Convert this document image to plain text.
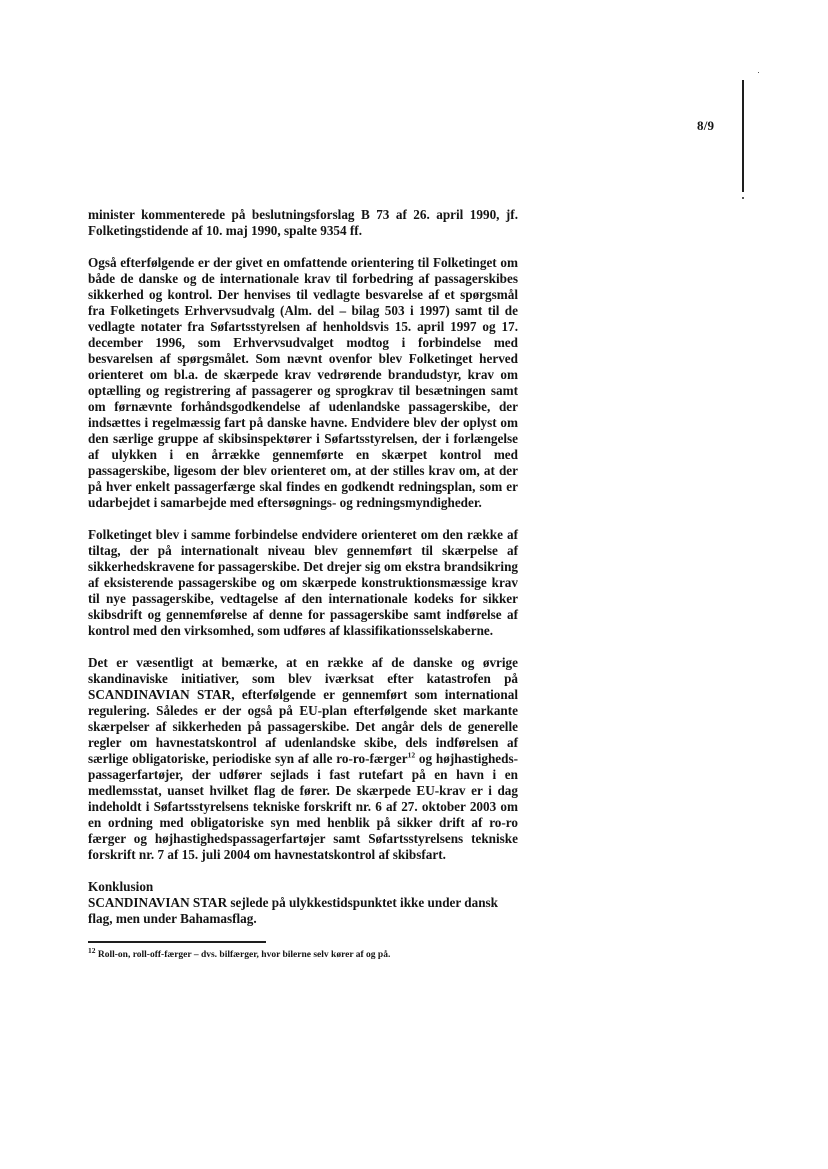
8/9

minister kommenterede på beslutningsforslag B 73 af 26. april 1990, jf. Folketingstidende af 10. maj 1990, spalte 9354 ff.

Også efterfølgende er der givet en omfattende orientering til Folketinget om både de danske og de internationale krav til forbedring af passagerskibes sikkerhed og kontrol. Der henvises til vedlagte besvarelse af et spørgsmål fra Folketingets Erhvervsudvalg (Alm. del – bilag 503 i 1997) samt til de vedlagte notater fra Søfartsstyrelsen af henholdsvis 15. april 1997 og 17. december 1996, som Erhvervsudvalget modtog i forbindelse med besvarelsen af spørgsmålet. Som nævnt ovenfor blev Folketinget herved orienteret om bl.a. de skærpede krav vedrørende brandudstyr, krav om optælling og registrering af passagerer og sprogkrav til besætningen samt om førnævnte forhåndsgodkendelse af udenlandske passagerskibe, der indsættes i regelmæssig fart på danske havne. Endvidere blev der oplyst om den særlige gruppe af skibsinspektører i Søfartsstyrelsen, der i forlængelse af ulykken i en årrække gennemførte en skærpet kontrol med passagerskibe, ligesom der blev orienteret om, at der stilles krav om, at der på hver enkelt passagerfærge skal findes en godkendt redningsplan, som er udarbejdet i samarbejde med eftersøgnings- og redningsmyndigheder.

Folketinget blev i samme forbindelse endvidere orienteret om den række af tiltag, der på internationalt niveau blev gennemført til skærpelse af sikkerhedskravene for passagerskibe. Det drejer sig om ekstra brandsikring af eksisterende passagerskibe og om skærpede konstruktionsmæssige krav til nye passagerskibe, vedtagelse af den internationale kodeks for sikker skibsdrift og gennemførelse af denne for passagerskibe samt indførelse af kontrol med den virksomhed, som udføres af klassifikationsselskaberne.

Det er væsentligt at bemærke, at en række af de danske og øvrige skandinaviske initiativer, som blev iværksat efter katastrofen på SCANDINAVIAN STAR, efterfølgende er gennemført som international regulering. Således er der også på EU-plan efterfølgende sket markante skærpelser af sikkerheden på passagerskibe. Det angår dels de generelle regler om havnestatskontrol af udenlandske skibe, dels indførelsen af særlige obligatoriske, periodiske syn af alle ro-ro-færger$^{12}$ og højhastigheds-passagerfartøjer, der udfører sejlads i fast rutefart på en havn i en medlemsstat, uanset hvilket flag de fører. De skærpede EU-krav er i dag indeholdt i Søfartsstyrelsens tekniske forskrift nr. 6 af 27. oktober 2003 om en ordning med obligatoriske syn med henblik på sikker drift af ro-ro færger og højhastighedspassagerfartøjer samt Søfartsstyrelsens tekniske forskrift nr. 7 af 15. juli 2004 om havnestatskontrol af skibsfart.

Konklusion

SCANDINAVIAN STAR sejlede på ulykkestidspunktet ikke under dansk flag, men under Bahamasflag.

$^{12}$ Roll-on, roll-off-færger – dvs. bilfærger, hvor bilerne selv kører af og på.
